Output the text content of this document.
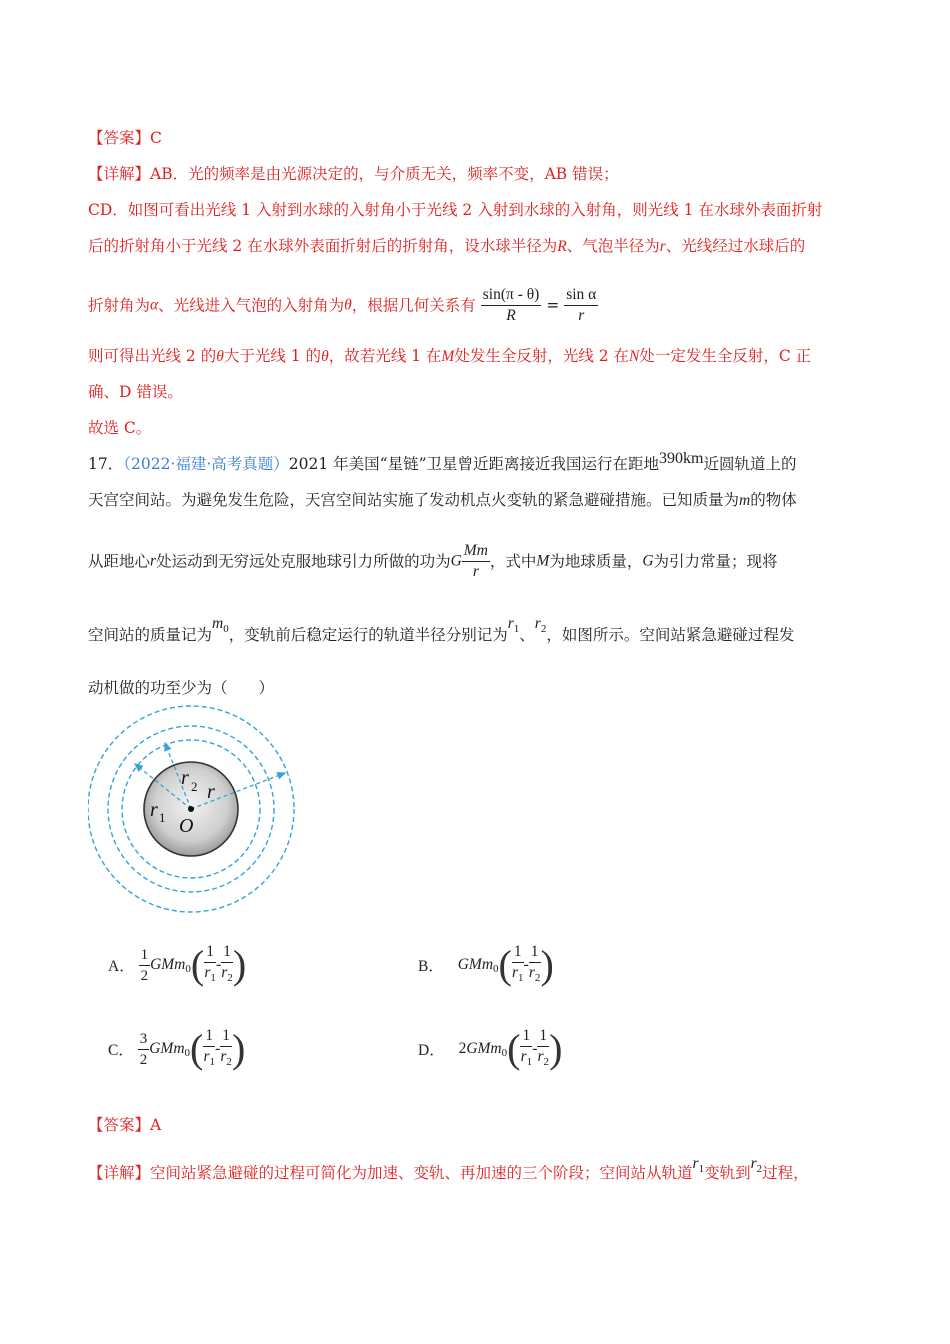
【答案】C
【详解】AB．光的频率是由光源决定的，与介质无关，频率不变，AB 错误；
CD．如图可看出光线 1 入射到水球的入射角小于光线 2 入射到水球的入射角，则光线 1 在水球外表面折射
后的折射角小于光线 2 在水球外表面折射后的折射角，设水球半径为R、气泡半径为r、光线经过水球后的
折射角为α、光线进入气泡的入射角为θ，根据几何关系有 $\frac{\sin(\pi - \theta)}{R} = \frac{\text{sin α}}{r}$
则可得出光线 2 的θ大于光线 1 的θ，故若光线 1 在M处发生全反射，光线 2 在N处一定发生全反射，C 正
确、D 错误。
故选 C。
17．（2022·福建·高考真题）2021 年美国“星链”卫星曾近距离接近我国运行在距地390km近圆轨道上的
天宫空间站。为避免发生危险，天宫空间站实施了发动机点火变轨的紧急避碰措施。已知质量为m的物体
从距地心r处运动到无穷远处克服地球引力所做的功为G $\frac{Mm}{r}$ ，式中M为地球质量，G为引力常量；现将
空间站的质量记为$m_0$，变轨前后稳定运行的轨道半径分别记为$r_1$、$r_2$，如图所示。空间站紧急避碰过程发
动机做的功至少为（　　）
r 2 r
r 1 O
A． $\frac{1}{2} GMm_0( \frac{1}{r_1} - \frac{1}{r_2}$ )	B． $GMm_0( \frac{1}{r_1} - \frac{1}{r_2}$ )
C． $\frac{3}{2} GMm_0( \frac{1}{r_1} - \frac{1}{r_2}$ )	D． $2GMm_0( \frac{1}{r_1} - \frac{1}{r_2}$ )
【答案】A
【详解】空间站紧急避碰的过程可简化为加速、变轨、再加速的三个阶段；空间站从轨道$r_1$变轨到$r_2$过程，
